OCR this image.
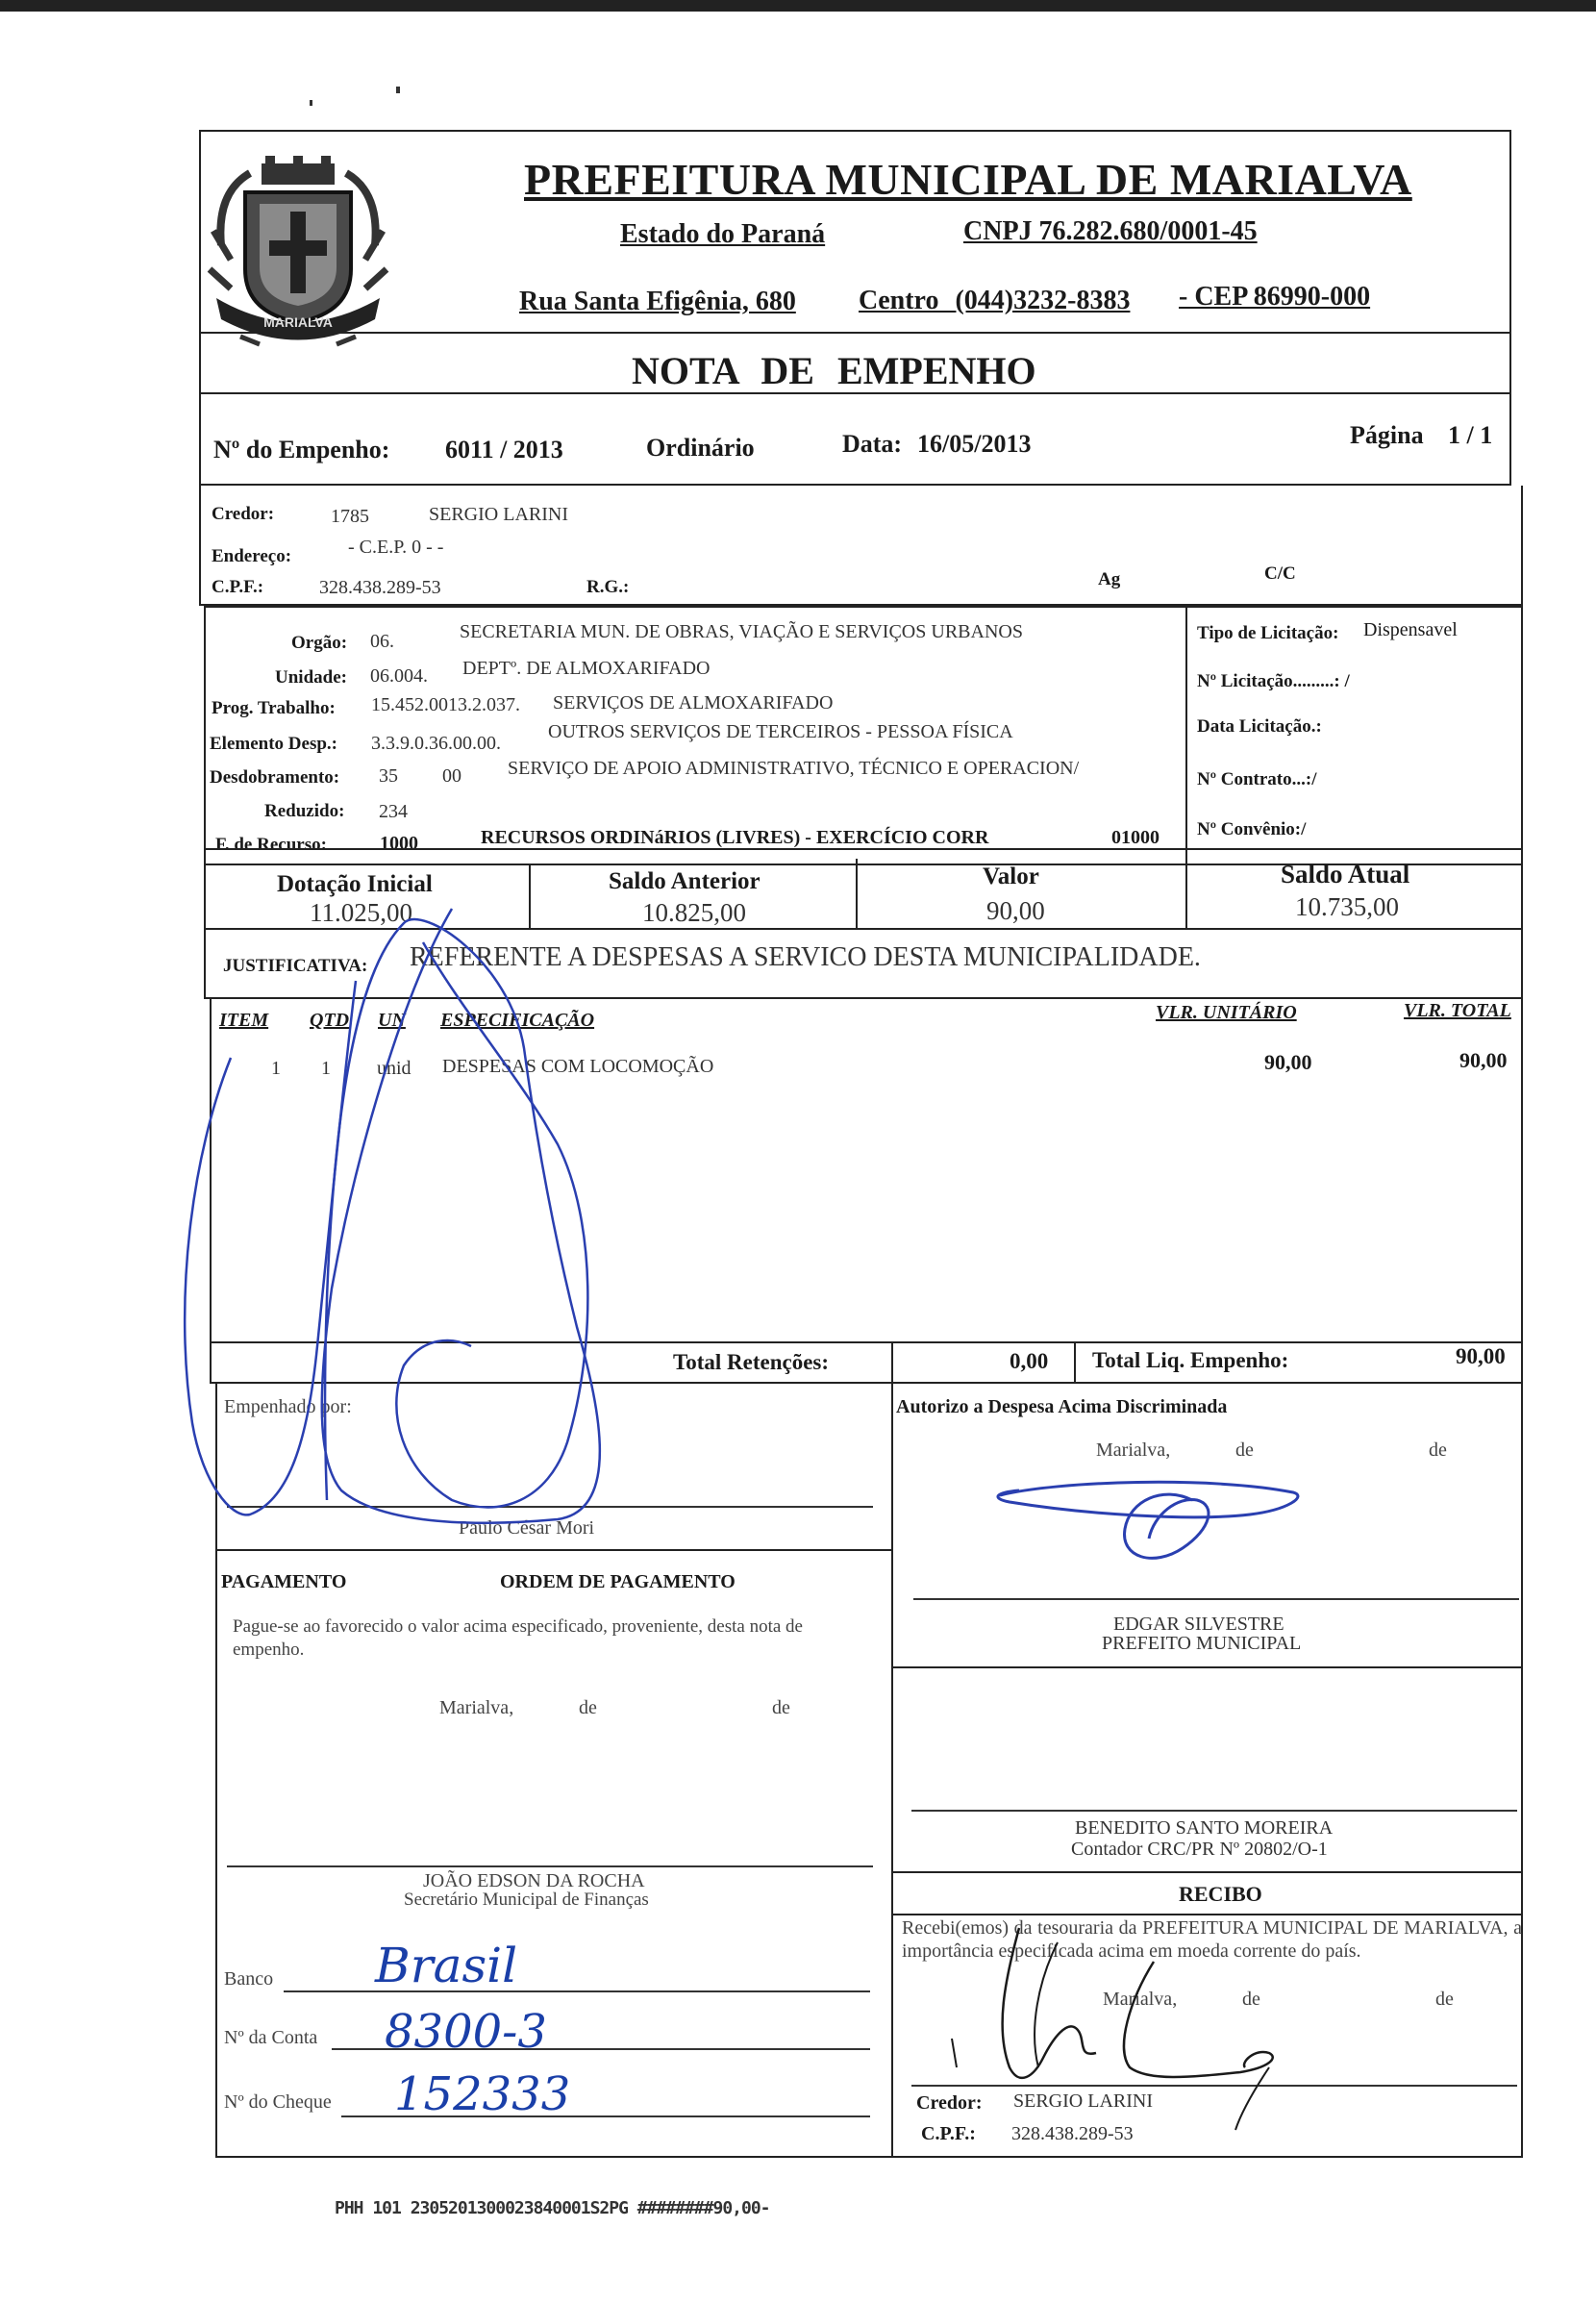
MARIALVA
PREFEITURA MUNICIPAL DE MARIALVA
Estado do Paraná	CNPJ 76.282.680/0001-45
Rua Santa Efigênia, 680 Centro (044)3232-8383 - CEP 86990-000
NOTA DE EMPENHO
Nº do Empenho: 6011 / 2013	Ordinário	Data: 16/05/2013	Página 1 / 1
Credor:	1785	SERGIO LARINI
Endereço:	- C.E.P. 0 - -
C.P.F.:	328.438.289-53	R.G.:	Ag	C/C
Orgão: 06.	SECRETARIA MUN. DE OBRAS, VIAÇÃO E SERVIÇOS URBANOS
Unidade: 06.004. DEPTº. DE ALMOXARIFADO
Prog. Trabalho: 15.452.0013.2.037. SERVIÇOS DE ALMOXARIFADO
Elemento Desp.: 3.3.9.0.36.00.00.
OUTROS SERVIÇOS DE TERCEIROS - PESSOA FÍSICA
Desdobramento: 35 00 SERVIÇO DE APOIO ADMINISTRATIVO, TÉCNICO E OPERACION/
Reduzido: 234
F. de Recurso:	1000	RECURSOS ORDINáRIOS (LIVRES) - EXERCÍCIO CORR	01000
Tipo de Licitação: Dispensavel
Nº Licitação.........: /
Data Licitação.:
Nº Contrato...:/
Nº Convênio:/
Dotação Inicial
11.025,00
Saldo Anterior
10.825,00
Valor
90,00
Saldo Atual
10.735,00
JUSTIFICATIVA: REFERENTE A DESPESAS A SERVICO DESTA MUNICIPALIDADE.
ITEM QTD UN ESPECIFICAÇÃO	VLR. UNITÁRIO	VLR. TOTAL
1 1 unid DESPESAS COM LOCOMOÇÃO	90,00	90,00
Total Retenções:	0,00 Total Liq. Empenho:	90,00
Empenhado por:
Paulo César Mori
Autorizo a Despesa Acima Discriminada
Marialva,	de	de
EDGAR SILVESTRE
PREFEITO MUNICIPAL
PAGAMENTO	ORDEM DE PAGAMENTO
Pague-se ao favorecido o valor acima especificado, proveniente, desta nota de empenho.
Marialva,	de	de
JOÃO EDSON DA ROCHA
Secretário Municipal de Finanças
BENEDITO SANTO MOREIRA
Contador CRC/PR Nº 20802/O-1
Banco Brasil
Nº da Conta 8300-3
Nº do Cheque 152333
RECIBO
Recebi(emos) da tesouraria da PREFEITURA MUNICIPAL DE MARIALVA, a importância especificada acima em moeda corrente do país.
Marialva,	de	de
Credor: SERGIO LARINI
C.P.F.: 328.438.289-53
PHH 101 2305201300023840001S2PG ########90,00-
